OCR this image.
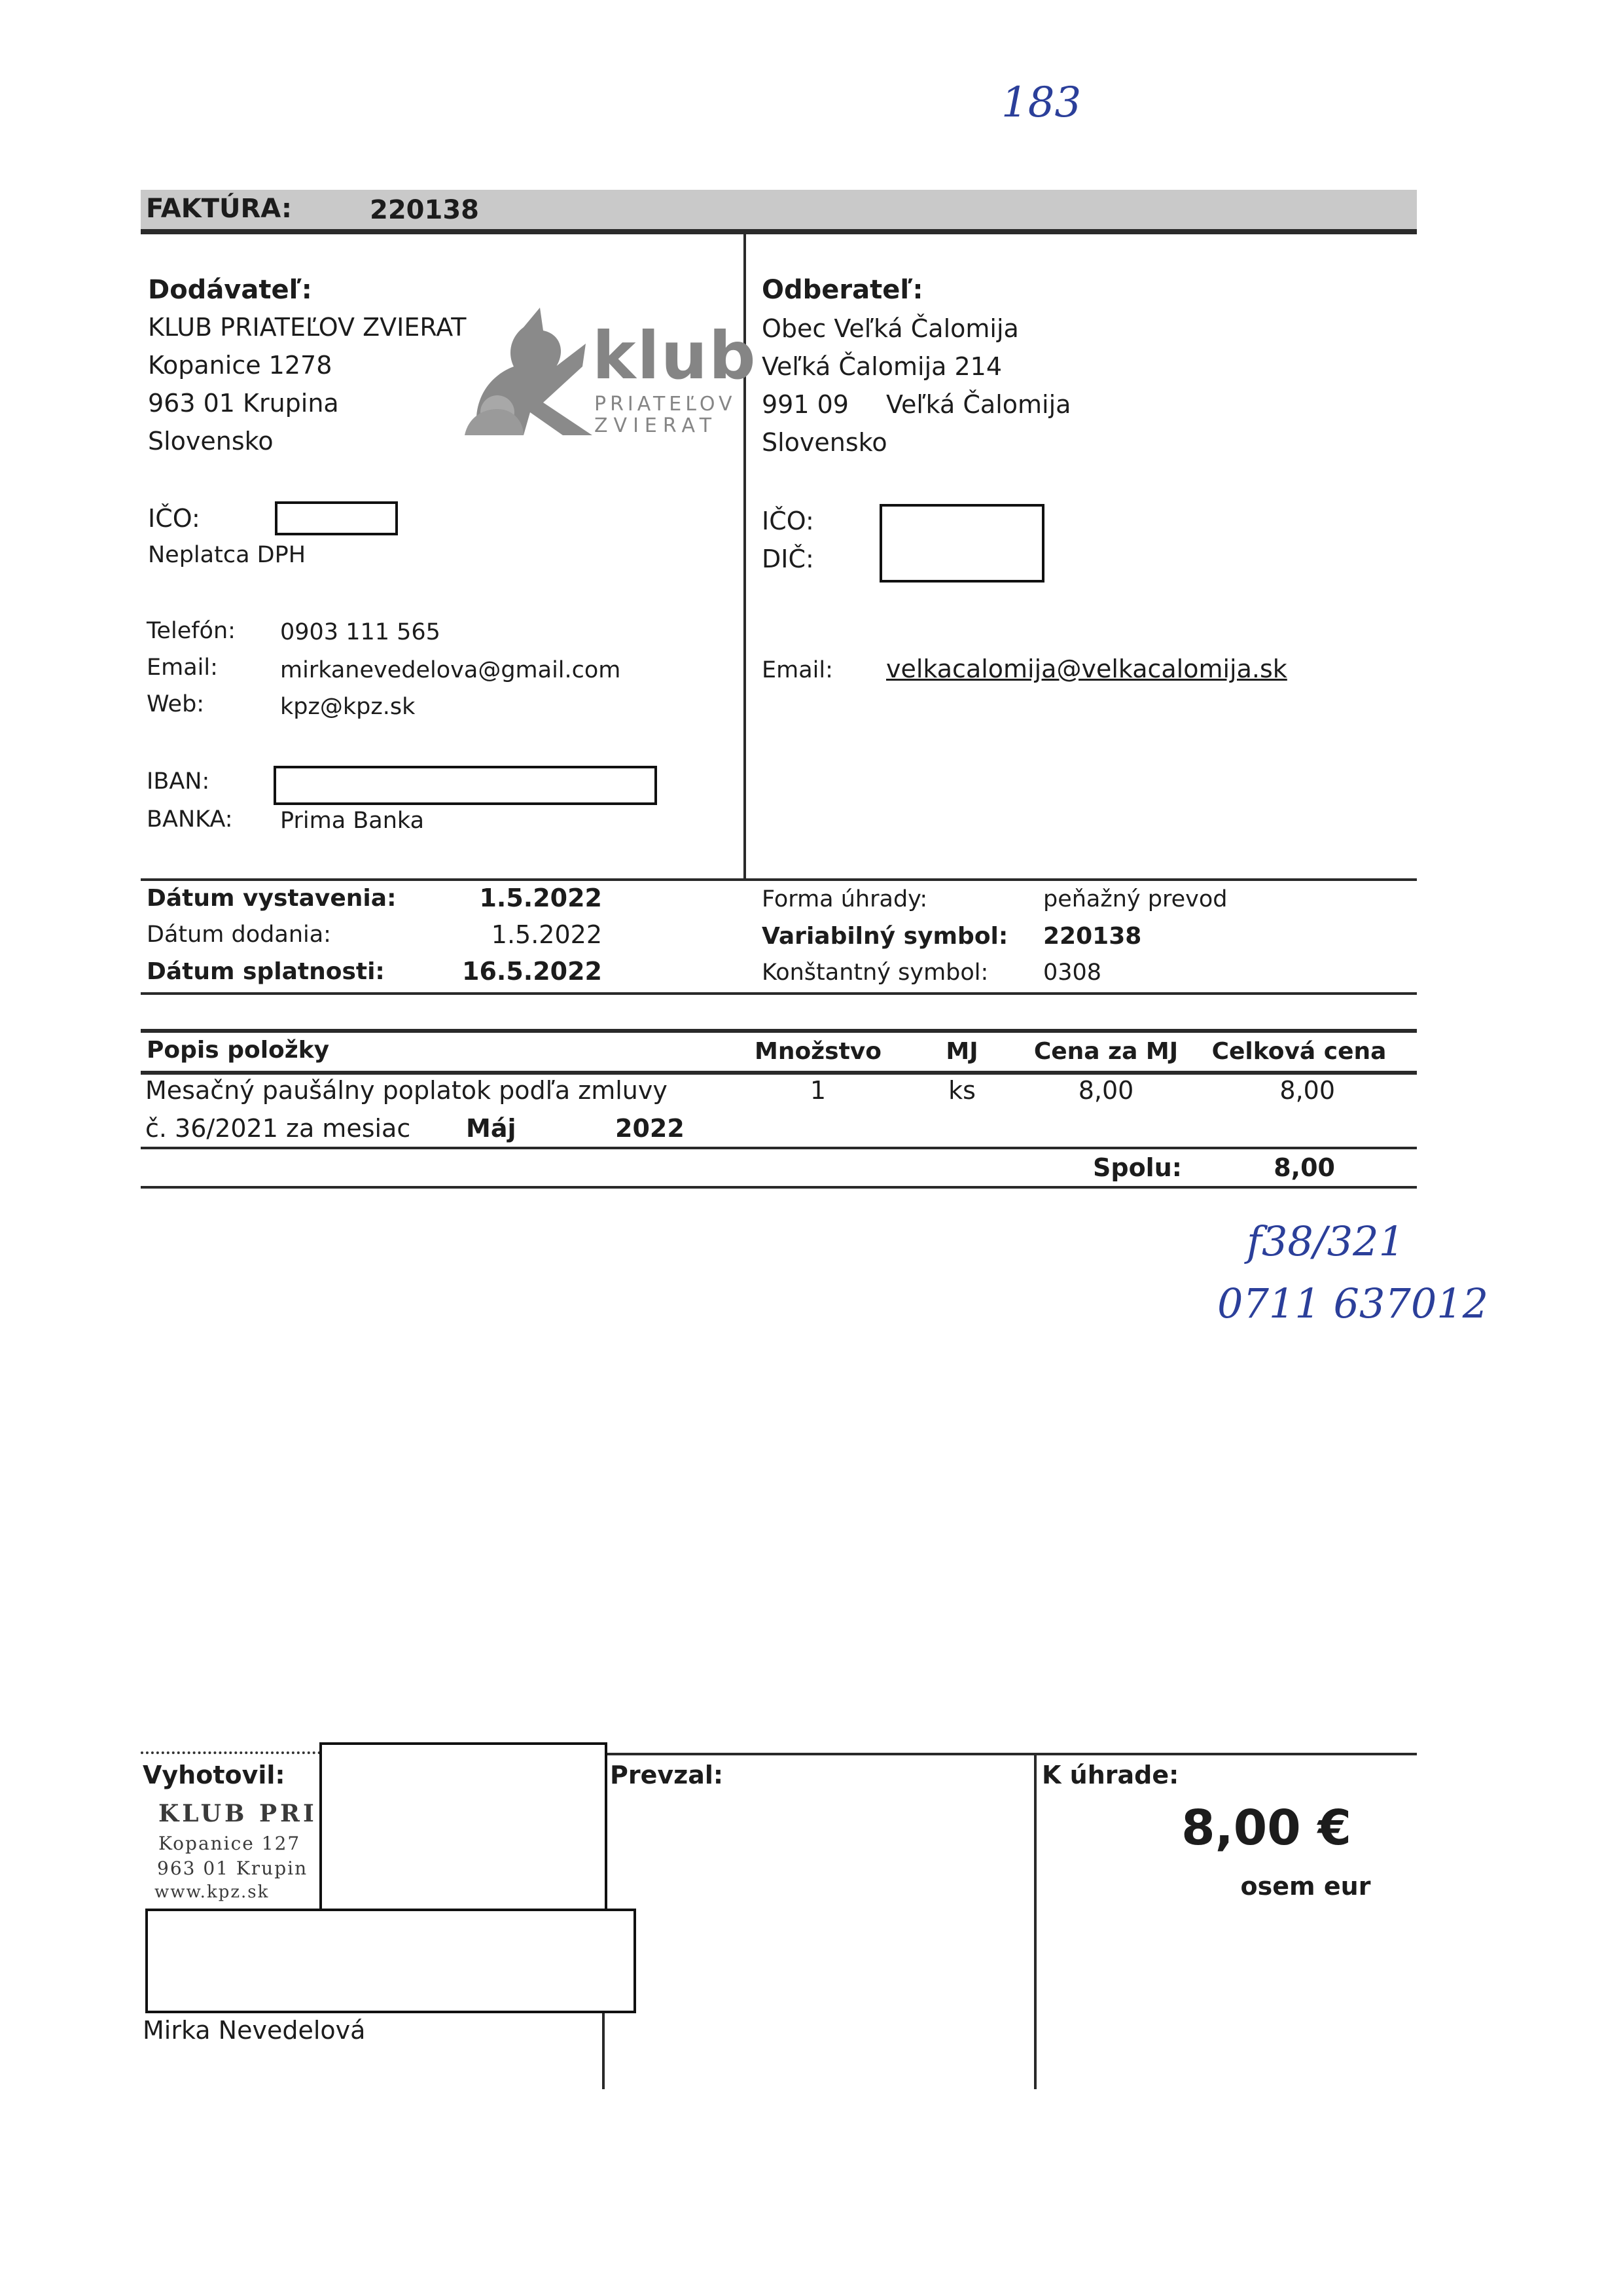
183
f38/321
0711 637012
FAKTÚRA:	220138
Dodávateľ:
KLUB PRIATEĽOV ZVIERAT
Kopanice 1278
963 01 Krupina
Slovensko
klub
PRIATEĽOV
ZVIERAT
IČO:
Neplatca DPH
Telefón: 0903 111 565
Email:	mirkanevedelova@gmail.com
Web:	kpz@kpz.sk
IBAN:
BANKA: Prima Banka
Odberateľ:
Obec Veľká Čalomija
Veľká Čalomija 214
991 09 Veľká Čalomija
Slovensko
IČO:
DIČ:
Email: velkacalomija@velkacalomija.sk
Dátum vystavenia:	1.5.2022
Dátum dodania:	1.5.2022
Dátum splatnosti:	16.5.2022
Forma úhrady:	peňažný prevod
Variabilný symbol: 220138
Konštantný symbol: 0308
Popis položky	Množstvo	MJ	Cena za MJ	Celková cena
Mesačný paušálny poplatok podľa zmluvy
č. 36/2021 za mesiac Máj	2022
1	ks	8,00	8,00
Spolu:	8,00
Vyhotovil:
KLUB PRI
Kopanice 127
963 01 Krupin
www.kpz.sk
Mirka Nevedelová
Prevzal:	K úhrade:
8,00 €
osem eur
